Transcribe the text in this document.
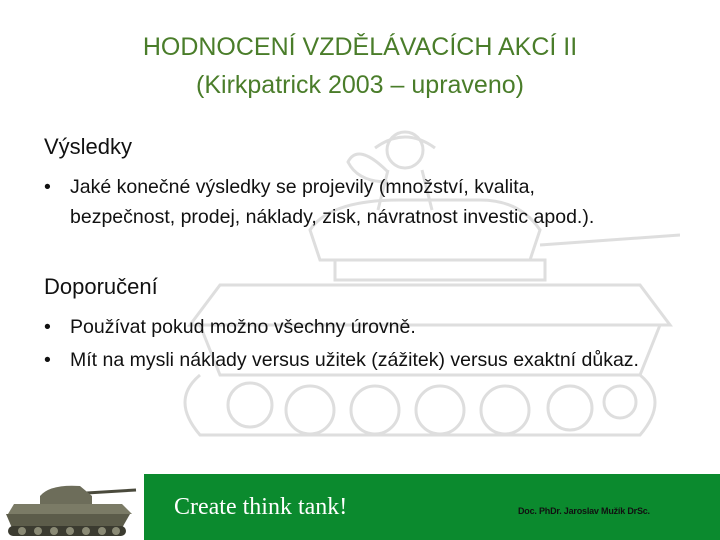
HODNOCENÍ VZDĚLÁVACÍCH AKCÍ II
(Kirkpatrick 2003 – upraveno)
Výsledky
• Jaké konečné výsledky se projevily (množství, kvalita, bezpečnost, prodej, náklady, zisk, návratnost investic apod.).
Doporučení
• Používat pokud možno všechny úrovně.
• Mít na mysli náklady versus užitek (zážitek) versus exaktní důkaz.
Create think tank!	Doc. PhDr. Jaroslav Mužík DrSc.
